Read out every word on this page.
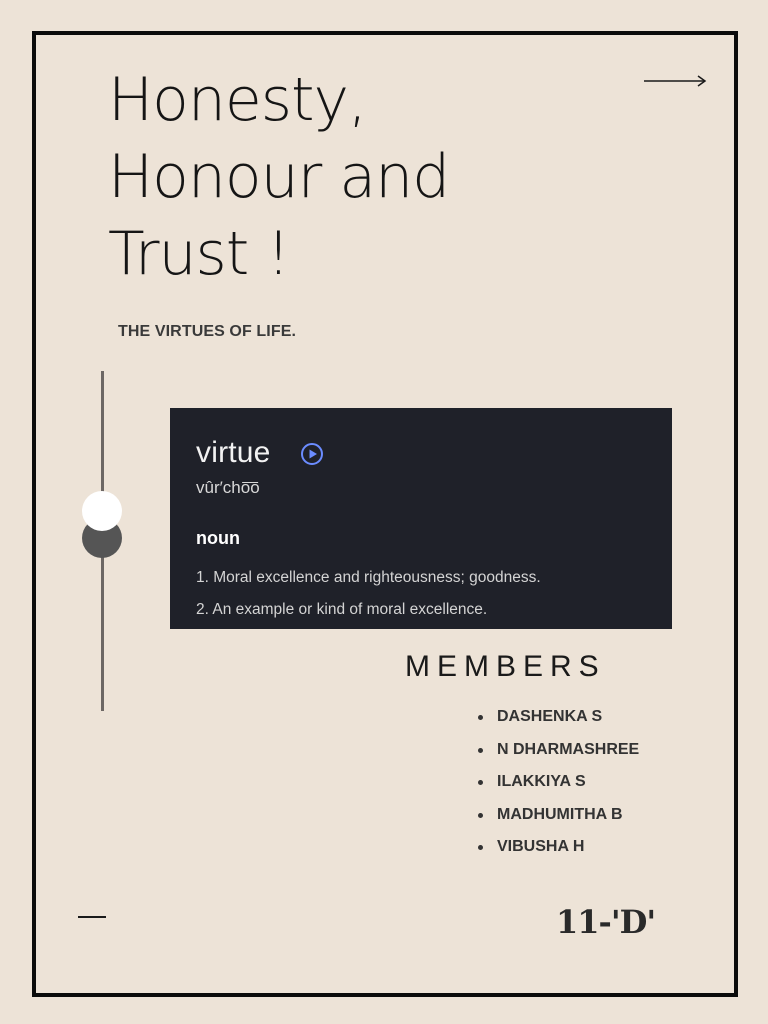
Honesty,
Honour and
Trust !
THE VIRTUES OF LIFE.
virtue
vûr′cho͞o
noun
1. Moral excellence and righteousness; goodness.
2. An example or kind of moral excellence.
MEMBERS
DASHENKA S
N DHARMASHREE
ILAKKIYA S
MADHUMITHA B
VIBUSHA H
11-'D'
